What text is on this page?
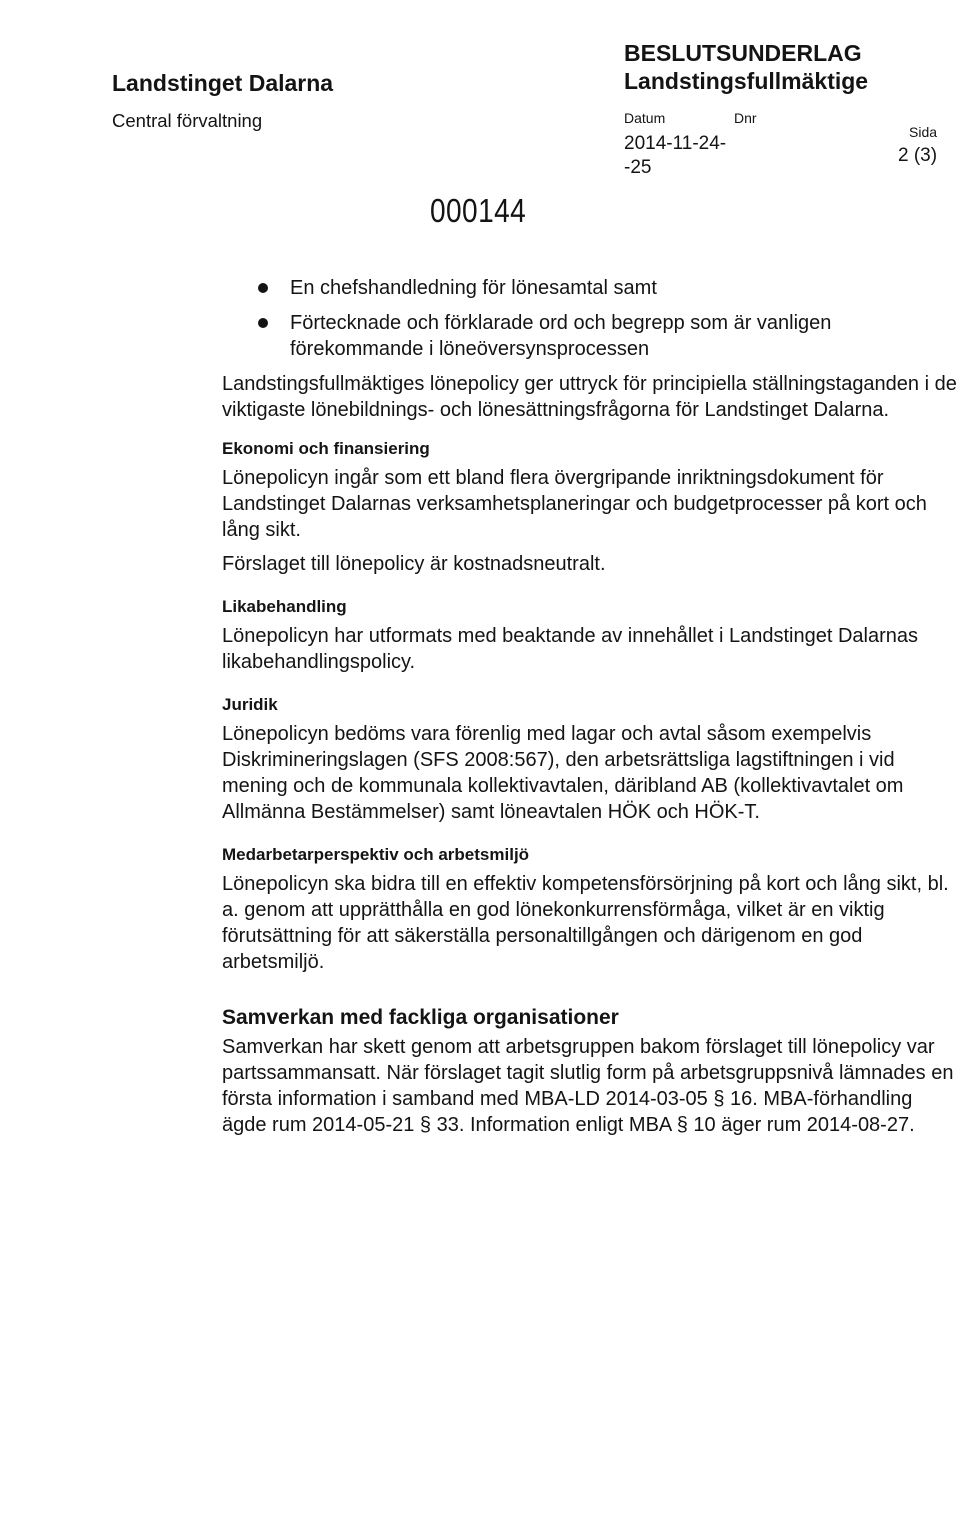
Landstinget Dalarna
Central förvaltning
BESLUTSUNDERLAG
Landstingsfullmäktige
Datum	Dnr
2014-11-24-
-25
Sida
2 (3)
000144
En chefshandledning för lönesamtal samt
Förtecknade och förklarade ord och begrepp som är vanligen förekommande i löneöversynsprocessen

Landstingsfullmäktiges lönepolicy ger uttryck för principiella ställningstaganden i de viktigaste lönebildnings- och lönesättningsfrågorna för Landstinget Dalarna.

Ekonomi och finansiering

Lönepolicyn ingår som ett bland flera övergripande inriktningsdokument för Landstinget Dalarnas verksamhetsplaneringar och budgetprocesser på kort och lång sikt.

Förslaget till lönepolicy är kostnadsneutralt.

Likabehandling

Lönepolicyn har utformats med beaktande av innehållet i Landstinget Dalarnas likabehandlingspolicy.

Juridik

Lönepolicyn bedöms vara förenlig med lagar och avtal såsom exempelvis Diskrimineringslagen (SFS 2008:567), den arbetsrättsliga lagstiftningen i vid mening och de kommunala kollektivavtalen, däribland AB (kollektivavtalet om Allmänna Bestämmelser) samt löneavtalen HÖK och HÖK-T.

Medarbetarperspektiv och arbetsmiljö

Lönepolicyn ska bidra till en effektiv kompetensförsörjning på kort och lång sikt, bl. a. genom att upprätthålla en god lönekonkurrensförmåga, vilket är en viktig förutsättning för att säkerställa personaltillgången och därigenom en god arbetsmiljö.

Samverkan med fackliga organisationer

Samverkan har skett genom att arbetsgruppen bakom förslaget till lönepolicy var partssammansatt. När förslaget tagit slutlig form på arbetsgruppsnivå lämnades en första information i samband med MBA-LD 2014-03-05 § 16. MBA-förhandling ägde rum 2014-05-21 § 33. Information enligt MBA § 10 äger rum 2014-08-27.
